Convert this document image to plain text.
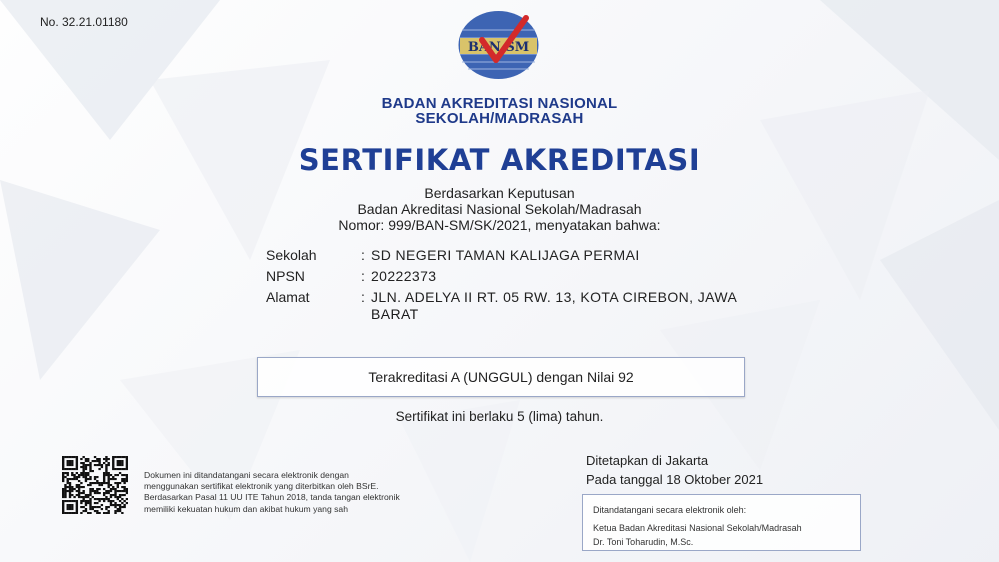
No. 32.21.01180
BAN SM
BADAN AKREDITASI NASIONAL
SEKOLAH/MADRASAH
SERTIFIKAT AKREDITASI
Berdasarkan Keputusan
Badan Akreditasi Nasional Sekolah/Madrasah
Nomor: 999/BAN-SM/SK/2021, menyatakan bahwa:
Sekolah	: SD NEGERI TAMAN KALIJAGA PERMAI
NPSN	: 20222373
Alamat	: JLN. ADELYA II RT. 05 RW. 13, KOTA CIREBON, JAWA
BARAT
Terakreditasi A (UNGGUL) dengan Nilai 92
Sertifikat ini berlaku 5 (lima) tahun.
Dokumen ini ditandatangani secara elektronik dengan
menggunakan sertifikat elektronik yang diterbitkan oleh BSrE.
Berdasarkan Pasal 11 UU ITE Tahun 2018, tanda tangan elektronik
memiliki kekuatan hukum dan akibat hukum yang sah
Ditetapkan di Jakarta
Pada tanggal 18 Oktober 2021
Ditandatangani secara elektronik oleh:
Ketua Badan Akreditasi Nasional Sekolah/Madrasah
Dr. Toni Toharudin, M.Sc.
